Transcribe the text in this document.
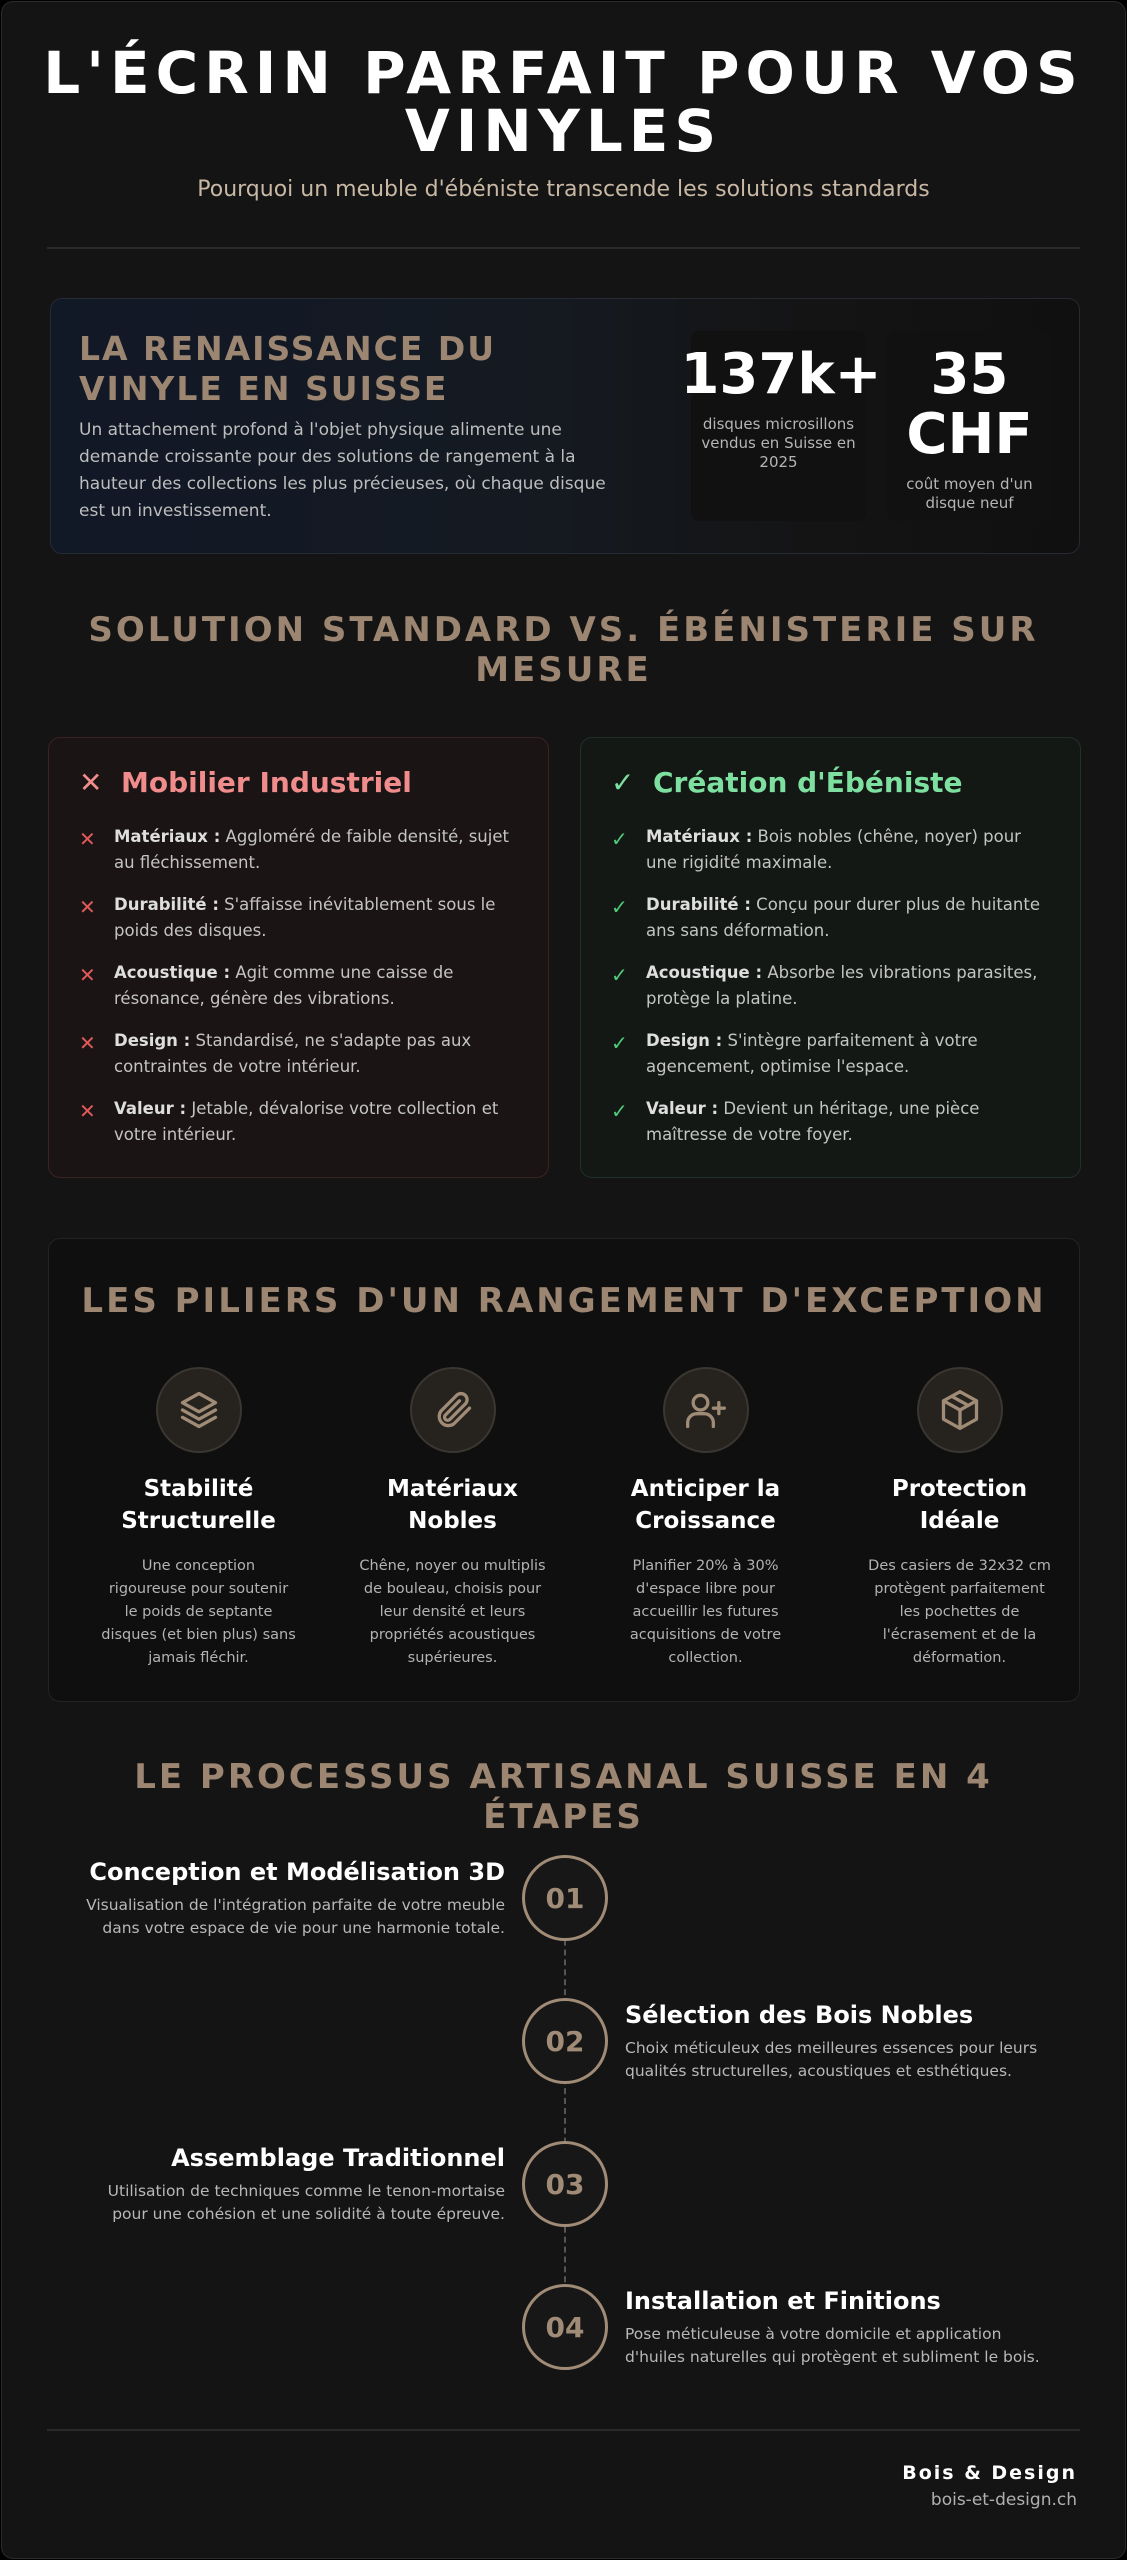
L'ÉCRIN PARFAIT POUR VOS VINYLES
Pourquoi un meuble d'ébéniste transcende les solutions standards
LA RENAISSANCE DU VINYLE EN SUISSE
Un attachement profond à l'objet physique alimente une demande croissante pour des solutions de rangement à la hauteur des collections les plus précieuses, où chaque disque est un investissement.
137k+
disques microsillons vendus en Suisse en 2025
35 CHF
coût moyen d'un disque neuf
SOLUTION STANDARD VS. ÉBÉNISTERIE SUR MESURE
✕ Mobilier Industriel
✕ Matériaux : Aggloméré de faible densité, sujet au fléchissement.
✕ Durabilité : S'affaisse inévitablement sous le poids des disques.
✕ Acoustique : Agit comme une caisse de résonance, génère des vibrations.
✕ Design : Standardisé, ne s'adapte pas aux contraintes de votre intérieur.
✕ Valeur : Jetable, dévalorise votre collection et votre intérieur.
✓ Création d'Ébéniste
✓ Matériaux : Bois nobles (chêne, noyer) pour une rigidité maximale.
✓ Durabilité : Conçu pour durer plus de huitante ans sans déformation.
✓ Acoustique : Absorbe les vibrations parasites, protège la platine.
✓ Design : S'intègre parfaitement à votre agencement, optimise l'espace.
✓ Valeur : Devient un héritage, une pièce maîtresse de votre foyer.
LES PILIERS D'UN RANGEMENT D'EXCEPTION
Stabilité Structurelle
Une conception rigoureuse pour soutenir le poids de septante disques (et bien plus) sans jamais fléchir.
Matériaux Nobles
Chêne, noyer ou multiplis de bouleau, choisis pour leur densité et leurs propriétés acoustiques supérieures.
Anticiper la Croissance
Planifier 20% à 30% d'espace libre pour accueillir les futures acquisitions de votre collection.
Protection Idéale
Des casiers de 32x32 cm protègent parfaitement les pochettes de l'écrasement et de la déformation.
LE PROCESSUS ARTISANAL SUISSE EN 4 ÉTAPES
01
Conception et Modélisation 3D
Visualisation de l'intégration parfaite de votre meuble dans votre espace de vie pour une harmonie totale.
02
Sélection des Bois Nobles
Choix méticuleux des meilleures essences pour leurs qualités structurelles, acoustiques et esthétiques.
03
Assemblage Traditionnel
Utilisation de techniques comme le tenon-mortaise pour une cohésion et une solidité à toute épreuve.
04
Installation et Finitions
Pose méticuleuse à votre domicile et application d'huiles naturelles qui protègent et subliment le bois.
Bois & Design
bois-et-design.ch
